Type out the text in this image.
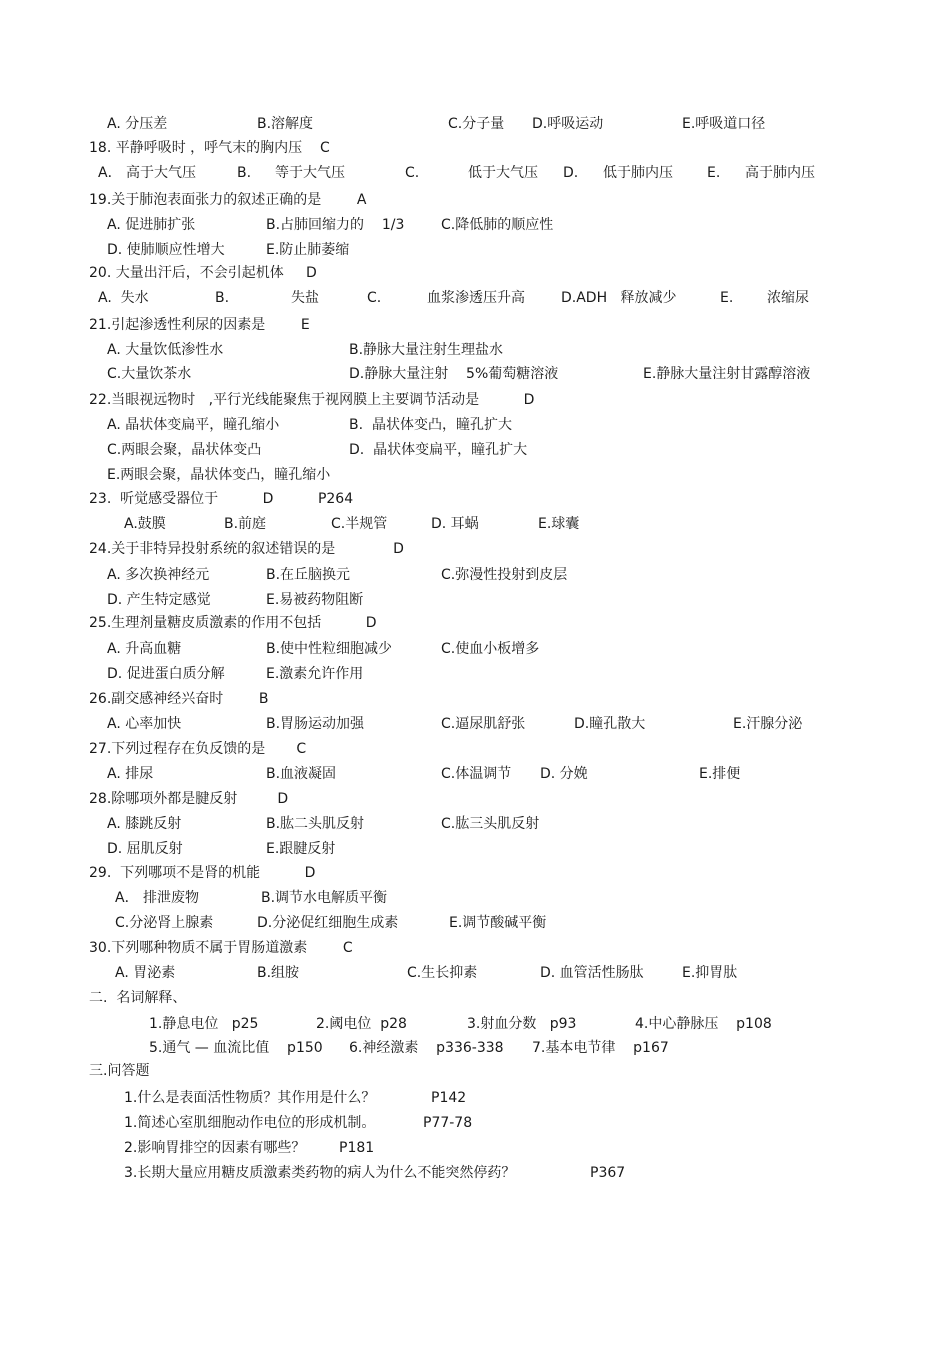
A. 分压差	B.溶解度	C.分子量 D.呼吸运动	E.呼吸道口径
18. 平静呼吸时 ，呼气末的胸内压    C
A． 高于大气压	B. 等于大气压	C.	低于大气压 D. 低于肺内压 E. 高于肺内压
19.关于肺泡表面张力的叙述正确的是        A
A. 促进肺扩张	B.占肺回缩力的    1/3	C.降低肺的顺应性
D. 使肺顺应性增大	E.防止肺萎缩
20. 大量出汗后，不会引起机体     D
A.  失水	B.	失盐	C.	血浆渗透压升高	D.ADH   释放减少	E. 浓缩尿
21.引起渗透性利尿的因素是        E
A. 大量饮低渗性水	B.静脉大量注射生理盐水
C.大量饮茶水	D.静脉大量注射    5%葡萄糖溶液	E.静脉大量注射甘露醇溶液
22.当眼视远物时   ,平行光线能聚焦于视网膜上主要调节活动是          D
A. 晶状体变扁平，瞳孔缩小	B.  晶状体变凸，瞳孔扩大
C.两眼会聚，晶状体变凸	D.  晶状体变扁平，瞳孔扩大
E.两眼会聚，晶状体变凸，瞳孔缩小
23.  听觉感受器位于          D          P264
A.鼓膜	B.前庭	C.半规管	D. 耳蜗	E.球囊
24.关于非特异投射系统的叙述错误的是             D
A. 多次换神经元	B.在丘脑换元	C.弥漫性投射到皮层
D. 产生特定感觉	E.易被药物阻断
25.生理剂量糖皮质激素的作用不包括          D
A. 升高血糖	B.使中性粒细胞减少	C.使血小板增多
D. 促进蛋白质分解	E.激素允许作用
26.副交感神经兴奋时        B
A. 心率加快	B.胃肠运动加强	C.逼尿肌舒张	D.瞳孔散大	E.汗腺分泌
27.下列过程存在负反馈的是       C
A. 排尿	B.血液凝固	C.体温调节 D. 分娩	E.排便
28.除哪项外都是腱反射         D
A. 膝跳反射	B.肱二头肌反射	C.肱三头肌反射
D. 屈肌反射	E.跟腱反射
29.  下列哪项不是肾的机能          D
A． 排泄废物	B.调节水电解质平衡
C.分泌肾上腺素	D.分泌促红细胞生成素	E.调节酸碱平衡
30.下列哪种物质不属于胃肠道激素        C
A. 胃泌素	B.组胺	C.生长抑素	D. 血管活性肠肽	E.抑胃肽
二.  名词解释、
1.静息电位   p25	2.阈电位  p28	3.射血分数   p93	4.中心静脉压    p108
5.通气 — 血流比值    p150 6.神经激素    p336-338 7.基本电节律    p167
三.问答题
1.什么是表面活性物质？其作用是什么？	P142
1.简述心室肌细胞动作电位的形成机制。	P77-78
2.影响胃排空的因素有哪些？ P181
3.长期大量应用糖皮质激素类药物的病人为什么不能突然停药？	P367
